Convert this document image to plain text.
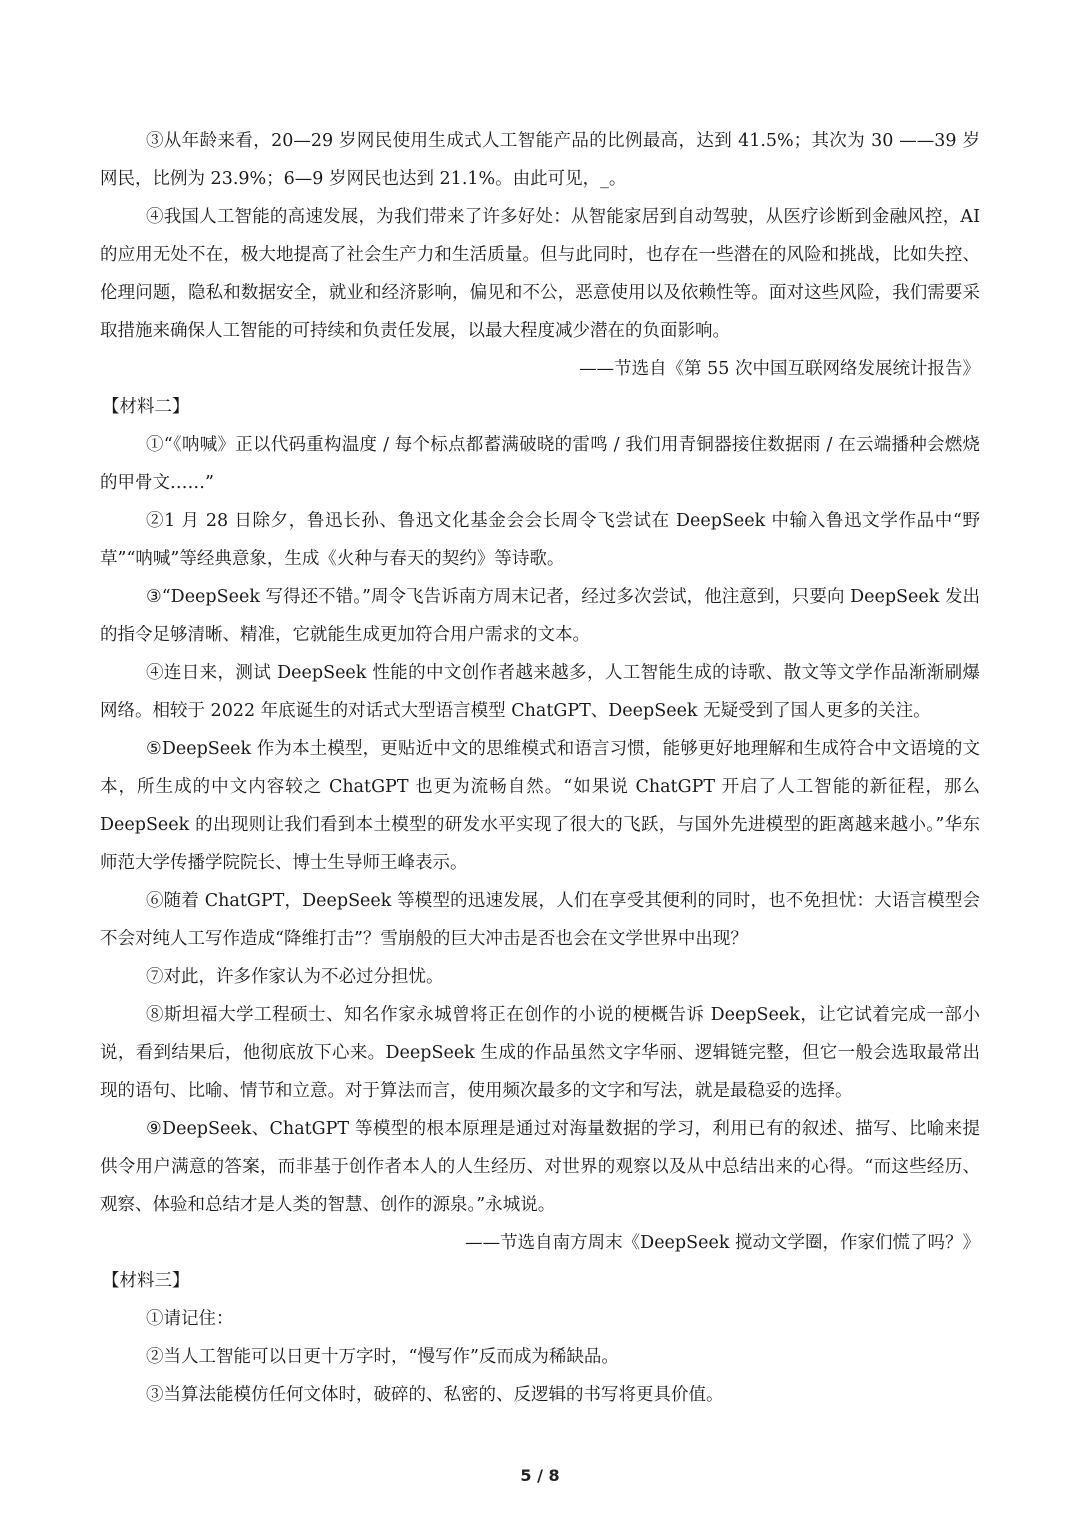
③从年龄来看，20—29 岁网民使用生成式人工智能产品的比例最高，达到 41.5%；其次为 30 ——39 岁网民，比例为 23.9%；6—9 岁网民也达到 21.1%。由此可见，_。

④我国人工智能的高速发展，为我们带来了许多好处：从智能家居到自动驾驶，从医疗诊断到金融风控，AI 的应用无处不在，极大地提高了社会生产力和生活质量。但与此同时，也存在一些潜在的风险和挑战，比如失控、伦理问题，隐私和数据安全，就业和经济影响，偏见和不公，恶意使用以及依赖性等。面对这些风险，我们需要采取措施来确保人工智能的可持续和负责任发展，以最大程度减少潜在的负面影响。

——节选自《第 55 次中国互联网络发展统计报告》

【材料二】

①“《呐喊》正以代码重构温度 / 每个标点都蓄满破晓的雷鸣 / 我们用青铜器接住数据雨 / 在云端播种会燃烧的甲骨文……”

②1 月 28 日除夕，鲁迅长孙、鲁迅文化基金会会长周令飞尝试在 DeepSeek 中输入鲁迅文学作品中“野草”“呐喊”等经典意象，生成《火种与春天的契约》等诗歌。

③“DeepSeek 写得还不错。”周令飞告诉南方周末记者，经过多次尝试，他注意到，只要向 DeepSeek 发出的指令足够清晰、精准，它就能生成更加符合用户需求的文本。

④连日来，测试 DeepSeek 性能的中文创作者越来越多，人工智能生成的诗歌、散文等文学作品渐渐刷爆网络。相较于 2022 年底诞生的对话式大型语言模型 ChatGPT、DeepSeek 无疑受到了国人更多的关注。

⑤DeepSeek 作为本土模型，更贴近中文的思维模式和语言习惯，能够更好地理解和生成符合中文语境的文本，所生成的中文内容较之 ChatGPT 也更为流畅自然。“如果说 ChatGPT 开启了人工智能的新征程，那么 DeepSeek 的出现则让我们看到本土模型的研发水平实现了很大的飞跃，与国外先进模型的距离越来越小。”华东师范大学传播学院院长、博士生导师王峰表示。

⑥随着 ChatGPT，DeepSeek 等模型的迅速发展，人们在享受其便利的同时，也不免担忧：大语言模型会不会对纯人工写作造成“降维打击”？雪崩般的巨大冲击是否也会在文学世界中出现？

⑦对此，许多作家认为不必过分担忧。

⑧斯坦福大学工程硕士、知名作家永城曾将正在创作的小说的梗概告诉 DeepSeek，让它试着完成一部小说，看到结果后，他彻底放下心来。DeepSeek 生成的作品虽然文字华丽、逻辑链完整，但它一般会选取最常出现的语句、比喻、情节和立意。对于算法而言，使用频次最多的文字和写法，就是最稳妥的选择。

⑨DeepSeek、ChatGPT 等模型的根本原理是通过对海量数据的学习，利用已有的叙述、描写、比喻来提供令用户满意的答案，而非基于创作者本人的人生经历、对世界的观察以及从中总结出来的心得。“而这些经历、观察、体验和总结才是人类的智慧、创作的源泉。”永城说。

——节选自南方周末《DeepSeek 搅动文学圈，作家们慌了吗？》

【材料三】

①请记住：

②当人工智能可以日更十万字时，“慢写作”反而成为稀缺品。

③当算法能模仿任何文体时，破碎的、私密的、反逻辑的书写将更具价值。

5 / 8
